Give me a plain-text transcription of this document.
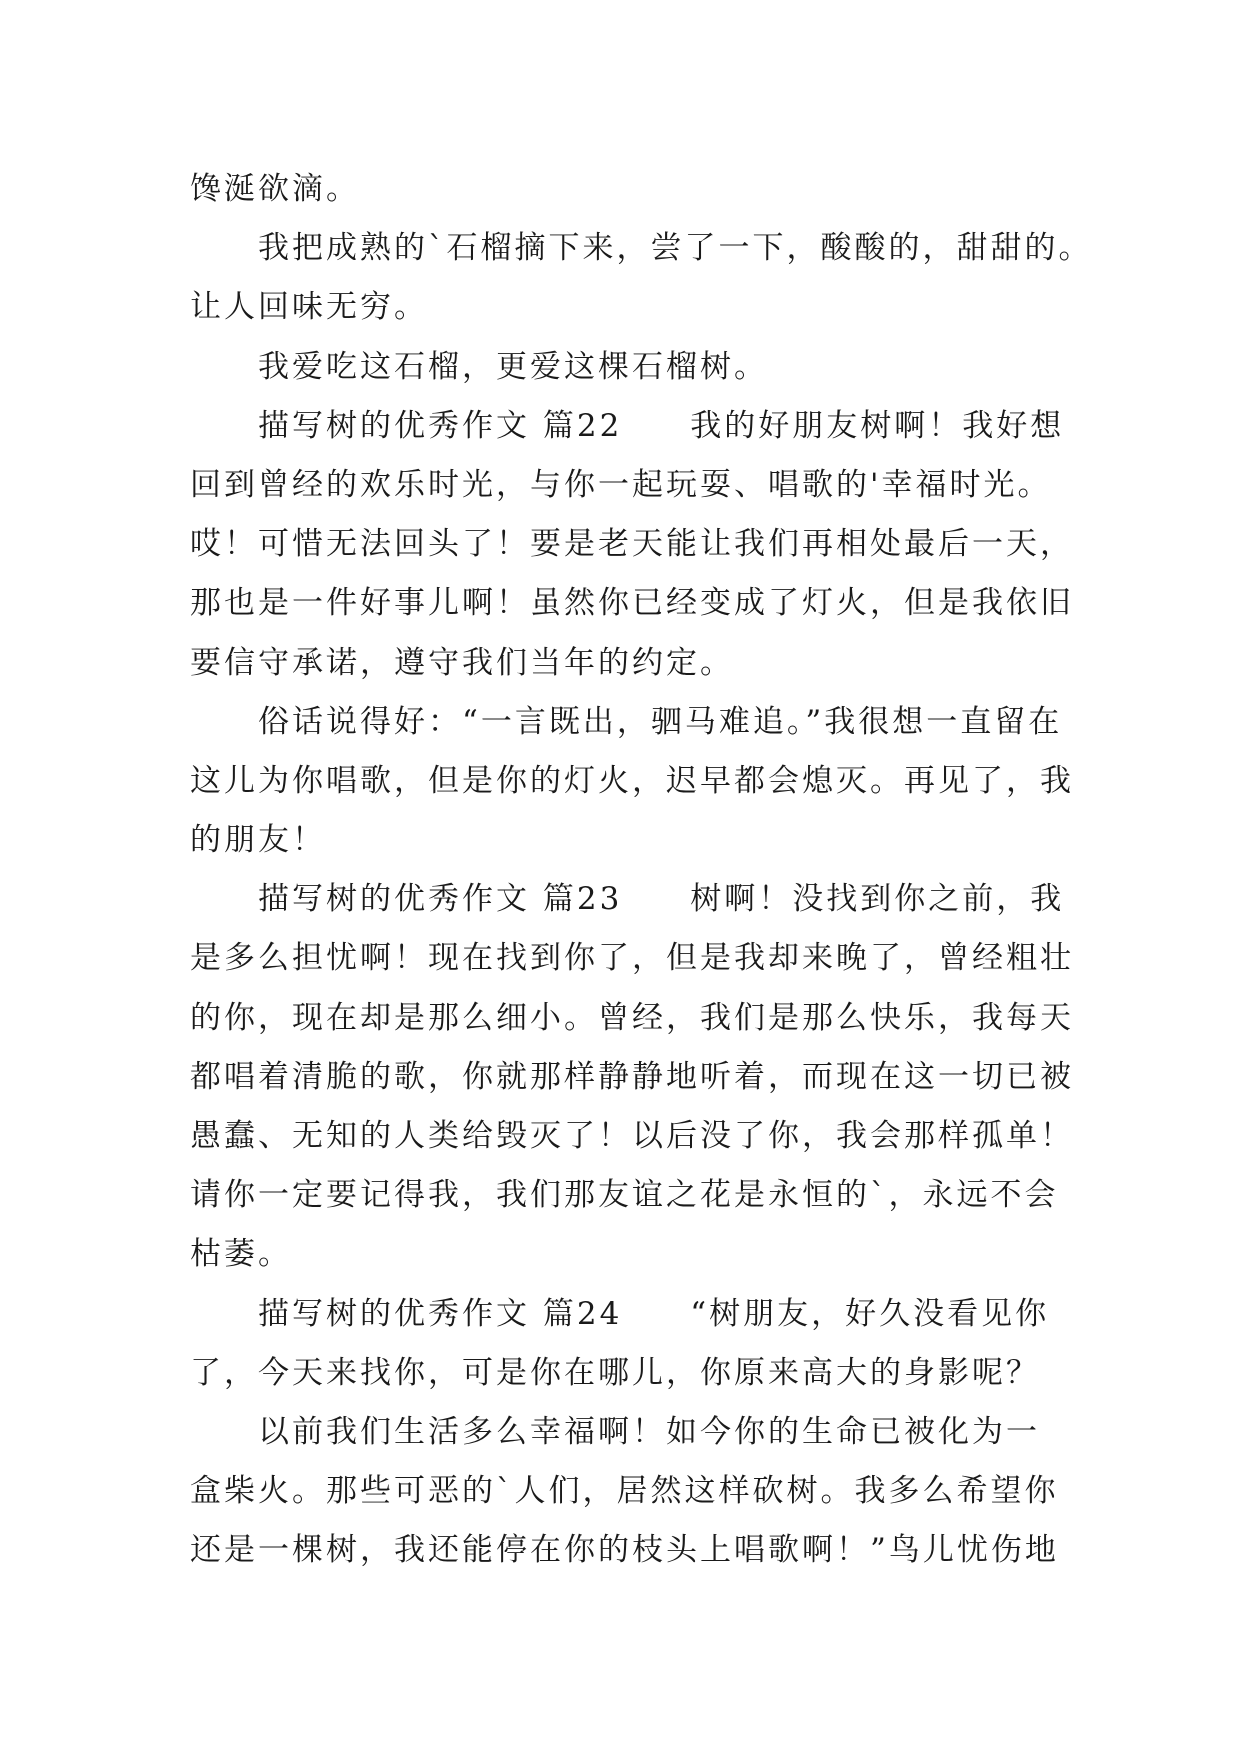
馋涎欲滴。
　　我把成熟的`石榴摘下来，尝了一下，酸酸的，甜甜的。
让人回味无穷。
　　我爱吃这石榴，更爱这棵石榴树。
　　描写树的优秀作文 篇22　　我的好朋友树啊！我好想
回到曾经的欢乐时光，与你一起玩耍、唱歌的'幸福时光。
哎！可惜无法回头了！要是老天能让我们再相处最后一天，
那也是一件好事儿啊！虽然你已经变成了灯火，但是我依旧
要信守承诺，遵守我们当年的约定。
　　俗话说得好：“一言既出，驷马难追。”我很想一直留在
这儿为你唱歌，但是你的灯火，迟早都会熄灭。再见了，我
的朋友！
　　描写树的优秀作文 篇23　　树啊！没找到你之前，我
是多么担忧啊！现在找到你了，但是我却来晚了，曾经粗壮
的你，现在却是那么细小。曾经，我们是那么快乐，我每天
都唱着清脆的歌，你就那样静静地听着，而现在这一切已被
愚蠢、无知的人类给毁灭了！以后没了你，我会那样孤单！
请你一定要记得我，我们那友谊之花是永恒的`，永远不会
枯萎。
　　描写树的优秀作文 篇24　　“树朋友，好久没看见你
了，今天来找你，可是你在哪儿，你原来高大的身影呢？
　　以前我们生活多么幸福啊！如今你的生命已被化为一
盒柴火。那些可恶的`人们，居然这样砍树。我多么希望你
还是一棵树，我还能停在你的枝头上唱歌啊！”鸟儿忧伤地
